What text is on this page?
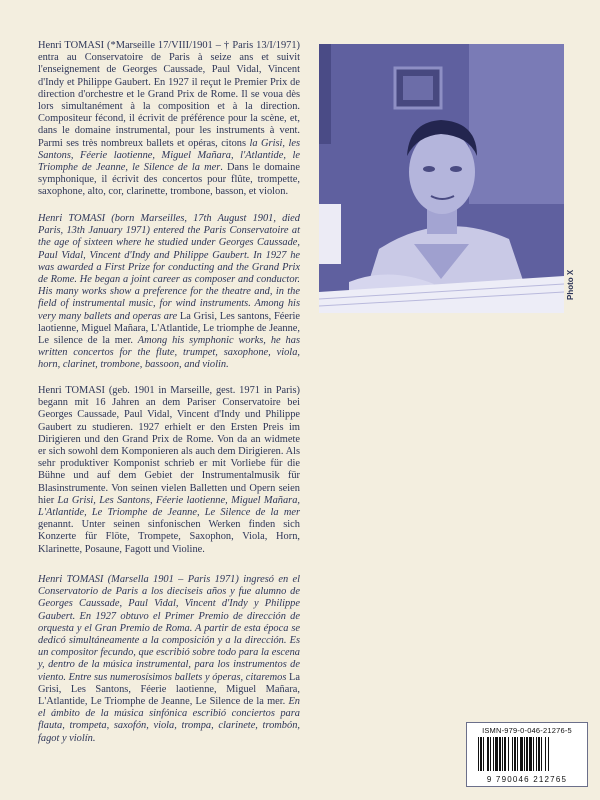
Henri TOMASI (*Marseille 17/VIII/1901 – † Paris 13/I/1971) entra au Conservatoire de Paris à seize ans et suivit l'enseignement de Georges Caussade, Paul Vidal, Vincent d'Indy et Philippe Gaubert. En 1927 il reçut le Premier Prix de direction d'orchestre et le Grand Prix de Rome. Il se voua dès lors simultanément à la composition et à la direction. Compositeur fécond, il écrivit de préférence pour la scène, et, dans le domaine instrumental, pour les instruments à vent. Parmi ses très nombreux ballets et opéras, citons la Grisi, les Santons, Féerie laotienne, Miguel Mañara, l'Atlantide, le Triomphe de Jeanne, le Silence de la mer. Dans le domaine symphonique, il écrivit des concertos pour flûte, trompette, saxophone, alto, cor, clarinette, trombone, basson, et violon.

Henri TOMASI (born Marseilles, 17th August 1901, died Paris, 13th January 1971) entered the Paris Conservatoire at the age of sixteen where he studied under Georges Caussade, Paul Vidal, Vincent d'Indy and Philippe Gaubert. In 1927 he was awarded a First Prize for conducting and the Grand Prix de Rome. He began a joint career as composer and conductor. His many works show a preference for the theatre and, in the field of instrumental music, for wind instruments. Among his very many ballets and operas are La Grisi, Les santons, Féerie laotienne, Miguel Mañara, L'Atlantide, Le triomphe de Jeanne, Le silence de la mer. Among his symphonic works, he has written concertos for the flute, trumpet, saxophone, viola, horn, clarinet, trombone, bassoon, and violin.

Henri TOMASI (geb. 1901 in Marseille, gest. 1971 in Paris) begann mit 16 Jahren an dem Pariser Conservatoire bei Georges Caussade, Paul Vidal, Vincent d'Indy und Philippe Gaubert zu studieren. 1927 erhielt er den Ersten Preis im Dirigieren und den Grand Prix de Rome. Von da an widmete er sich sowohl dem Komponieren als auch dem Dirigieren. Als sehr produktiver Komponist schrieb er mit Vorliebe für die Bühne und auf dem Gebiet der Instrumentalmusik für Blasinstrumente. Von seinen vielen Balletten und Opern seien hier La Grisi, Les Santons, Féerie laotienne, Miguel Mañara, L'Atlantide, Le Triomphe de Jeanne, Le Silence de la mer genannt. Unter seinen sinfonischen Werken finden sich Konzerte für Flöte, Trompete, Saxophon, Viola, Horn, Klarinette, Posaune, Fagott und Violine.

Henri TOMASI (Marsella 1901 – Paris 1971) ingresó en el Conservatorio de Paris a los dieciseis años y fue alumno de Georges Caussade, Paul Vidal, Vincent d'Indy y Philippe Gaubert. En 1927 obtuvo el Primer Premio de dirección de orquesta y el Gran Premio de Roma. A partir de esta época se dedicó simultáneamente a la composición y a la dirección. Es un compositor fecundo, que escribió sobre todo para la escena y, dentro de la música instrumental, para los instrumentos de viento. Entre sus numerosísimos ballets y óperas, citaremos La Grisi, Les Santons, Féerie laotienne, Miguel Mañara, L'Atlantide, Le Triomphe de Jeanne, Le Silence de la mer. En el ámbito de la música sinfónica escribió conciertos para flauta, trompeta, saxofón, viola, trompa, clarinete, trombón, fagot y violín.

Photo X
ISMN-979-0-046-21276-5
9 790046 212765
